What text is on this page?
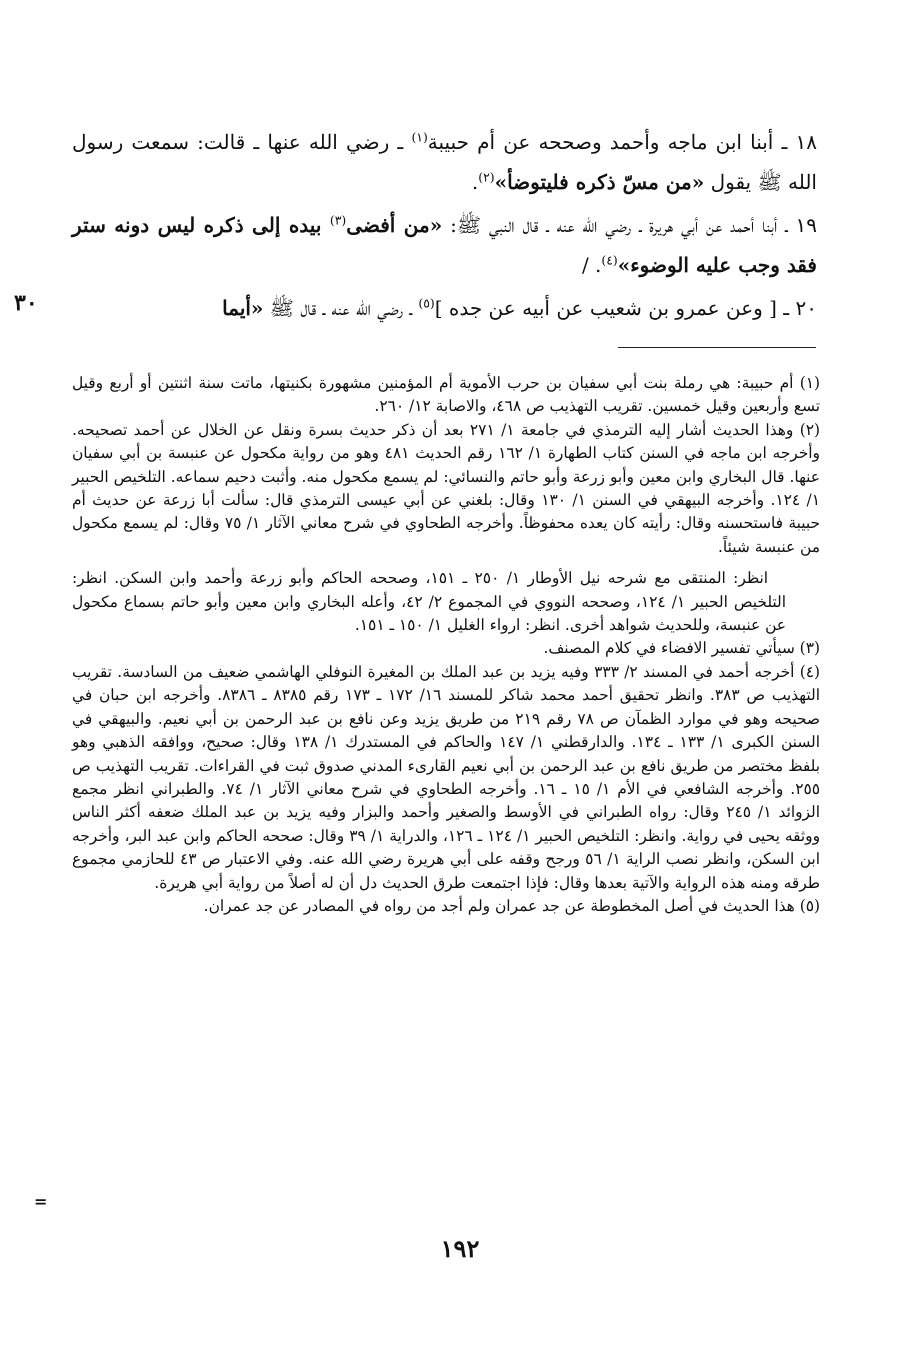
١٨ ـ أبنا ابن ماجه وأحمد وصححه عن أم حبيبة$^{(١)}$ ـ رضي الله عنها ـ قالت: سمعت رسول الله ﷺ يقول «من مسّ ذكره فليتوضأ»$^{(٢)}$.

١٩ ـ أبنا أحمد عن أبي هريرة ـ رضي الله عنه ـ قال النبي ﷺ: «من أفضى$^{(٣)}$ بيده إلى ذكره ليس دونه ستر فقد وجب عليه الوضوء»$^{(٤)}$. /

٢٠ ـ [ وعن عمرو بن شعيب عن أبيه عن جده ]$^{(٥)}$ ـ رضي الله عنه ـ قال ﷺ «أيما

٣٠

(١) أم حبيبة: هي رملة بنت أبي سفيان بن حرب الأموية أم المؤمنين مشهورة بكنيتها، ماتت سنة اثنتين أو أربع وقيل تسع وأربعين وقيل خمسين. تقريب التهذيب ص ٤٦٨، والاصابة ١٢/ ٢٦٠.

(٢) وهذا الحديث أشار إليه الترمذي في جامعة ١/ ٢٧١ بعد أن ذكر حديث بسرة ونقل عن الخلال عن أحمد تصحيحه. وأخرجه ابن ماجه في السنن كتاب الطهارة ١/ ١٦٢ رقم الحديث ٤٨١ وهو من رواية مكحول عن عنبسة بن أبي سفيان عنها. قال البخاري وابن معين وأبو زرعة وأبو حاتم والنسائي: لم يسمع مكحول منه. وأثبت دحيم سماعه. التلخيص الحبير ١/ ١٢٤. وأخرجه البيهقي في السنن ١/ ١٣٠ وقال: بلغني عن أبي عيسى الترمذي قال: سألت أبا زرعة عن حديث أم حبيبة فاستحسنه وقال: رأيته كان يعده محفوظاً. وأخرجه الطحاوي في شرح معاني الآثار ١/ ٧٥ وقال: لم يسمع مكحول من عنبسة شيئاً.

انظر: المنتقى مع شرحه نيل الأوطار ١/ ٢٥٠ ـ ١٥١، وصححه الحاكم وأبو زرعة وأحمد وابن السكن. انظر: التلخيص الحبير ١/ ١٢٤، وصححه النووي في المجموع ٢/ ٤٢، وأعله البخاري وابن معين وأبو حاتم بسماع مكحول عن عنبسة، وللحديث شواهد أخرى. انظر: ارواء الغليل ١/ ١٥٠ ـ ١٥١.

(٣) سيأتي تفسير الافضاء في كلام المصنف.

(٤) أخرجه أحمد في المسند ٢/ ٣٣٣ وفيه يزيد بن عبد الملك بن المغيرة النوفلي الهاشمي ضعيف من السادسة. تقريب التهذيب ص ٣٨٣. وانظر تحقيق أحمد محمد شاكر للمسند ١٦/ ١٧٢ ـ ١٧٣ رقم ٨٣٨٥ ـ ٨٣٨٦. وأخرجه ابن حبان في صحيحه وهو في موارد الظمآن ص ٧٨ رقم ٢١٩ من طريق يزيد وعن نافع بن عبد الرحمن بن أبي نعيم. والبيهقي في السنن الكبرى ١/ ١٣٣ ـ ١٣٤. والدارقطني ١/ ١٤٧ والحاكم في المستدرك ١/ ١٣٨ وقال: صحيح، ووافقه الذهبي وهو بلفظ مختصر من طريق نافع بن عبد الرحمن بن أبي نعيم القارىء المدني صدوق ثبت في القراءات. تقريب التهذيب ص ٢٥٥. وأخرجه الشافعي في الأم ١/ ١٥ ـ ١٦. وأخرجه الطحاوي في شرح معاني الآثار ١/ ٧٤. والطبراني انظر مجمع الزوائد ١/ ٢٤٥ وقال: رواه الطبراني في الأوسط والصغير وأحمد والبزار وفيه يزيد بن عبد الملك ضعفه أكثر الناس ووثقه يحيى في رواية. وانظر: التلخيص الحبير ١/ ١٢٤ ـ ١٢٦، والدراية ١/ ٣٩ وقال: صححه الحاكم وابن عبد البر، وأخرجه ابن السكن، وانظر نصب الراية ١/ ٥٦ ورجح وقفه على أبي هريرة رضي الله عنه. وفي الاعتبار ص ٤٣ للحازمي مجموع طرقه ومنه هذه الرواية والآتية بعدها وقال: فإذا اجتمعت طرق الحديث دل أن له أصلاً من رواية أبي هريرة.

(٥) هذا الحديث في أصل المخطوطة عن جد عمران ولم أجد من رواه في المصادر عن جد عمران.

=
١٩٢
